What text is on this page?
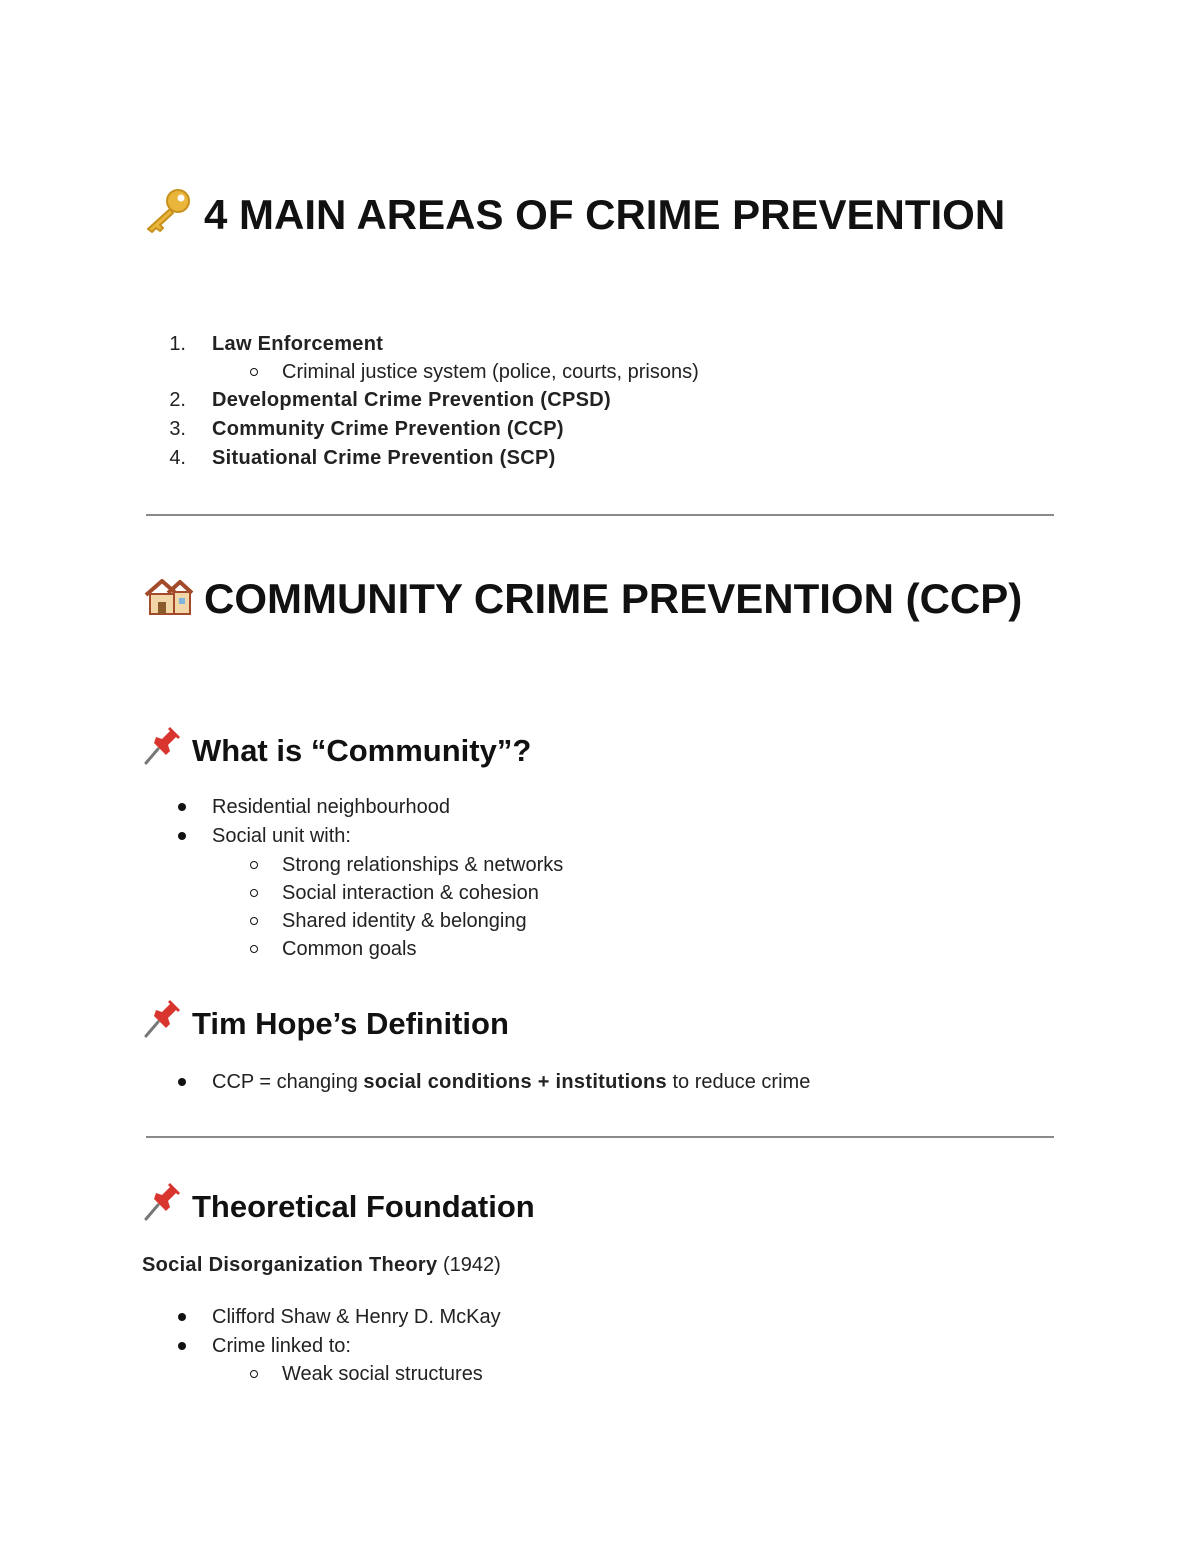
4 MAIN AREAS OF CRIME PREVENTION
1. Law Enforcement
Criminal justice system (police, courts, prisons)
2. Developmental Crime Prevention (CPSD)
3. Community Crime Prevention (CCP)
4. Situational Crime Prevention (SCP)
COMMUNITY CRIME PREVENTION (CCP)
What is “Community”?
Residential neighbourhood
Social unit with:
Strong relationships & networks
Social interaction & cohesion
Shared identity & belonging
Common goals
Tim Hope’s Definition
CCP = changing social conditions + institutions to reduce crime
Theoretical Foundation
Social Disorganization Theory (1942)
Clifford Shaw & Henry D. McKay
Crime linked to:
Weak social structures
